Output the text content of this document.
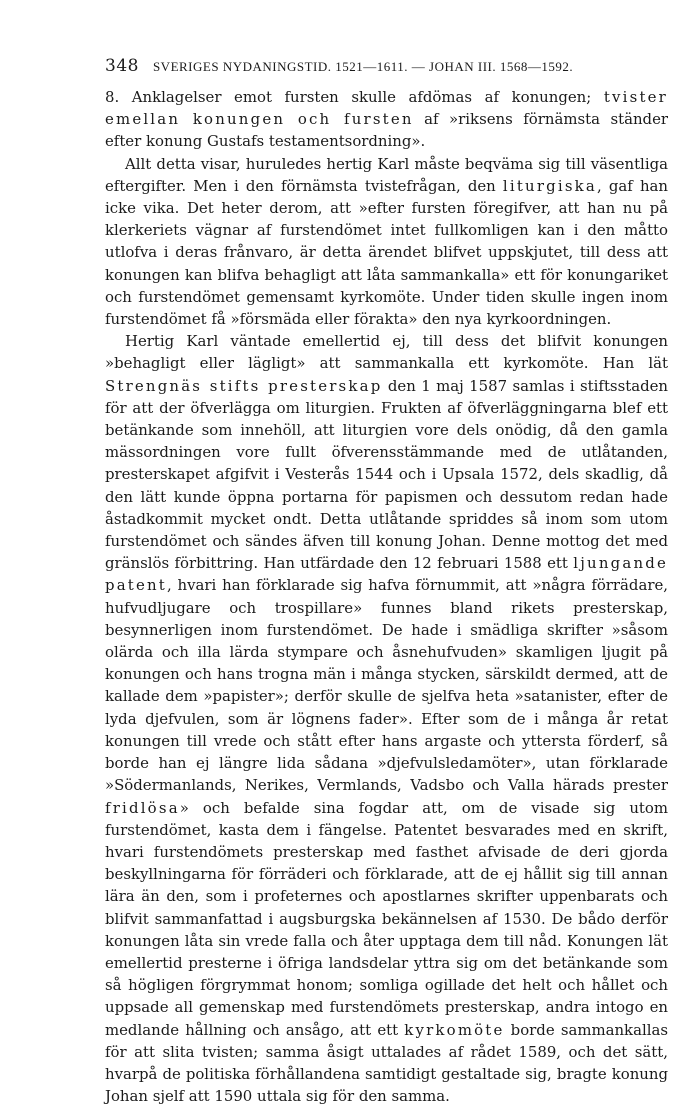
348 SVERIGES NYDANINGSTID. 1521—1611. — JOHAN III. 1568—1592.

8. Anklagelser emot fursten skulle afdömas af konungen; tvister emellan konungen och fursten af »riksens förnämsta ständer efter konung Gustafs testamentsordning».

Allt detta visar, huruledes hertig Karl måste beqväma sig till väsentliga eftergifter. Men i den förnämsta tvistefrågan, den liturgiska, gaf han icke vika. Det heter derom, att »efter fursten föregifver, att han nu på klerkeriets vägnar af furstendömet intet fullkomligen kan i den måtto utlofva i deras frånvaro, är detta ärendet blifvet uppskjutet, till dess att konungen kan blifva behagligt att låta sammankalla» ett för konungariket och furstendömet gemensamt kyrkomöte. Under tiden skulle ingen inom furstendömet få »försmäda eller förakta» den nya kyrkoordningen.

Hertig Karl väntade emellertid ej, till dess det blifvit konungen »behagligt eller lägligt» att sammankalla ett kyrkomöte. Han lät Strengnäs stifts presterskap den 1 maj 1587 samlas i stiftsstaden för att der öfverlägga om liturgien. Frukten af öfverläggningarna blef ett betänkande som innehöll, att liturgien vore dels onödig, då den gamla mässordningen vore fullt öfverensstämmande med de utlåtanden, presterskapet afgifvit i Vesterås 1544 och i Upsala 1572, dels skadlig, då den lätt kunde öppna portarna för papismen och dessutom redan hade åstadkommit mycket ondt. Detta utlåtande spriddes så inom som utom furstendömet och sändes äfven till konung Johan. Denne mottog det med gränslös förbittring. Han utfärdade den 12 februari 1588 ett ljungande patent, hvari han förklarade sig hafva förnummit, att »några förrädare, hufvudljugare och trospillare» funnes bland rikets presterskap, besynnerligen inom furstendömet. De hade i smädliga skrifter »såsom olärda och illa lärda stympare och åsnehufvuden» skamligen ljugit på konungen och hans trogna män i många stycken, särskildt dermed, att de kallade dem »papister»; derför skulle de sjelfva heta »satanister, efter de lyda djefvulen, som är lögnens fader». Efter som de i många år retat konungen till vrede och stått efter hans argaste och yttersta förderf, så borde han ej längre lida sådana »djefvulsledamöter», utan förklarade »Södermanlands, Nerikes, Vermlands, Vadsbo och Valla härads prester fridlösa» och befalde sina fogdar att, om de visade sig utom furstendömet, kasta dem i fängelse. Patentet besvarades med en skrift, hvari furstendömets presterskap med fasthet afvisade de deri gjorda beskyllningarna för förräderi och förklarade, att de ej hållit sig till annan lära än den, som i profeternes och apostlarnes skrifter uppenbarats och blifvit sammanfattad i augsburgska bekännelsen af 1530. De bådo derför konungen låta sin vrede falla och åter upptaga dem till nåd. Konungen lät emellertid presterne i öfriga landsdelar yttra sig om det betänkande som så högligen förgrymmat honom; somliga ogillade det helt och hållet och uppsade all gemenskap med furstendömets presterskap, andra intogo en medlande hållning och ansågo, att ett kyrkomöte borde sammankallas för att slita tvisten; samma åsigt uttalades af rådet 1589, och det sätt, hvarpå de politiska förhållandena samtidigt gestaltade sig, bragte konung Johan sjelf att 1590 uttala sig för den samma.
